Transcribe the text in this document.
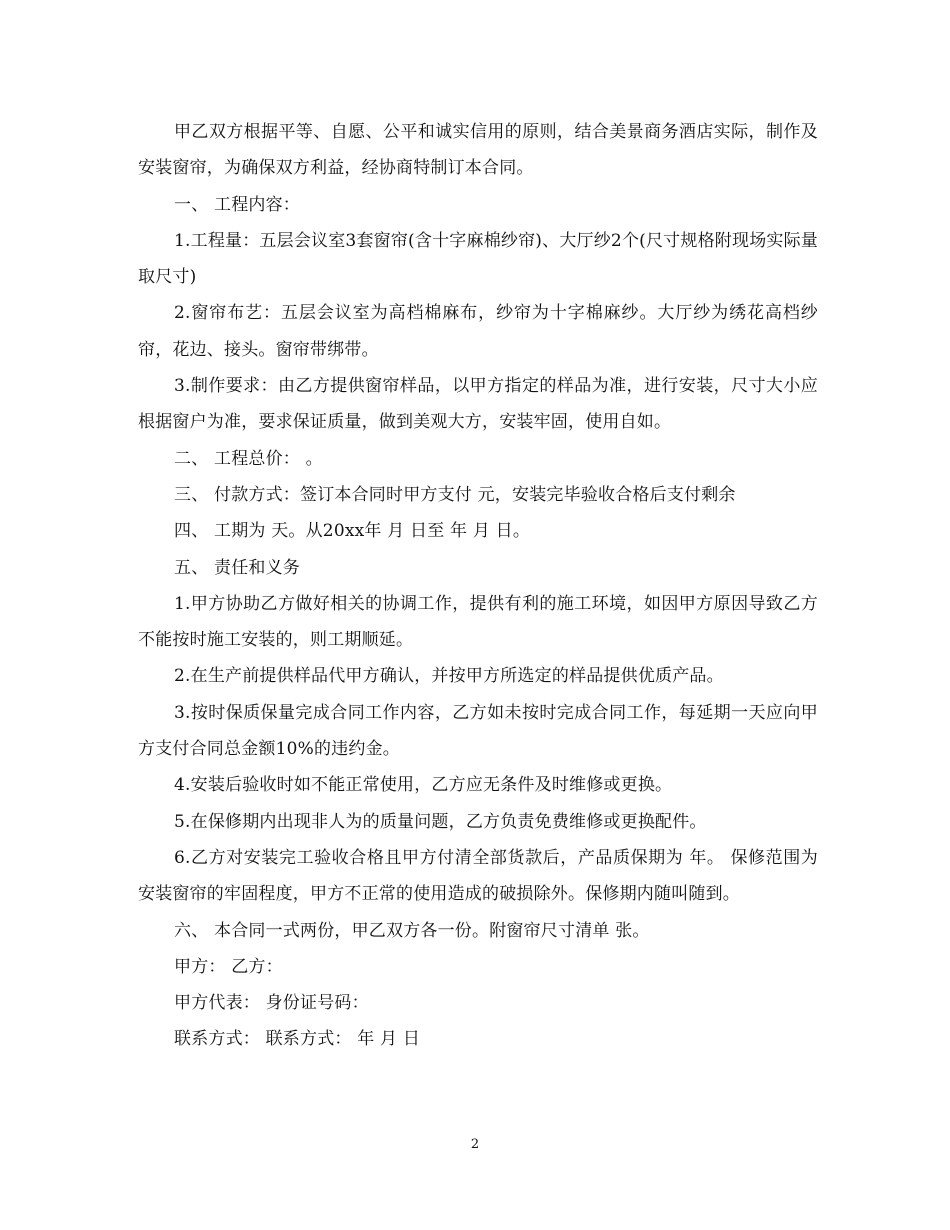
甲乙双方根据平等、自愿、公平和诚实信用的原则，结合美景商务酒店实际，制作及安装窗帘，为确保双方利益，经协商特制订本合同。

一、 工程内容：

1.工程量：五层会议室3套窗帘(含十字麻棉纱帘)、大厅纱2个(尺寸规格附现场实际量取尺寸)

2.窗帘布艺：五层会议室为高档棉麻布，纱帘为十字棉麻纱。大厅纱为绣花高档纱帘，花边、接头。窗帘带绑带。

3.制作要求：由乙方提供窗帘样品，以甲方指定的样品为准，进行安装，尺寸大小应根据窗户为准，要求保证质量，做到美观大方，安装牢固，使用自如。

二、 工程总价： 。

三、 付款方式：签订本合同时甲方支付 元，安装完毕验收合格后支付剩余

四、 工期为 天。从20xx年 月 日至 年 月 日。

五、 责任和义务

1.甲方协助乙方做好相关的协调工作，提供有利的施工环境，如因甲方原因导致乙方不能按时施工安装的，则工期顺延。

2.在生产前提供样品代甲方确认，并按甲方所选定的样品提供优质产品。

3.按时保质保量完成合同工作内容，乙方如未按时完成合同工作，每延期一天应向甲方支付合同总金额10%的违约金。

4.安装后验收时如不能正常使用，乙方应无条件及时维修或更换。

5.在保修期内出现非人为的质量问题，乙方负责免费维修或更换配件。

6.乙方对安装完工验收合格且甲方付清全部货款后，产品质保期为 年。 保修范围为安装窗帘的牢固程度，甲方不正常的使用造成的破损除外。保修期内随叫随到。

六、 本合同一式两份，甲乙双方各一份。附窗帘尺寸清单 张。

甲方： 乙方：

甲方代表： 身份证号码：

联系方式： 联系方式： 年 月 日

2
